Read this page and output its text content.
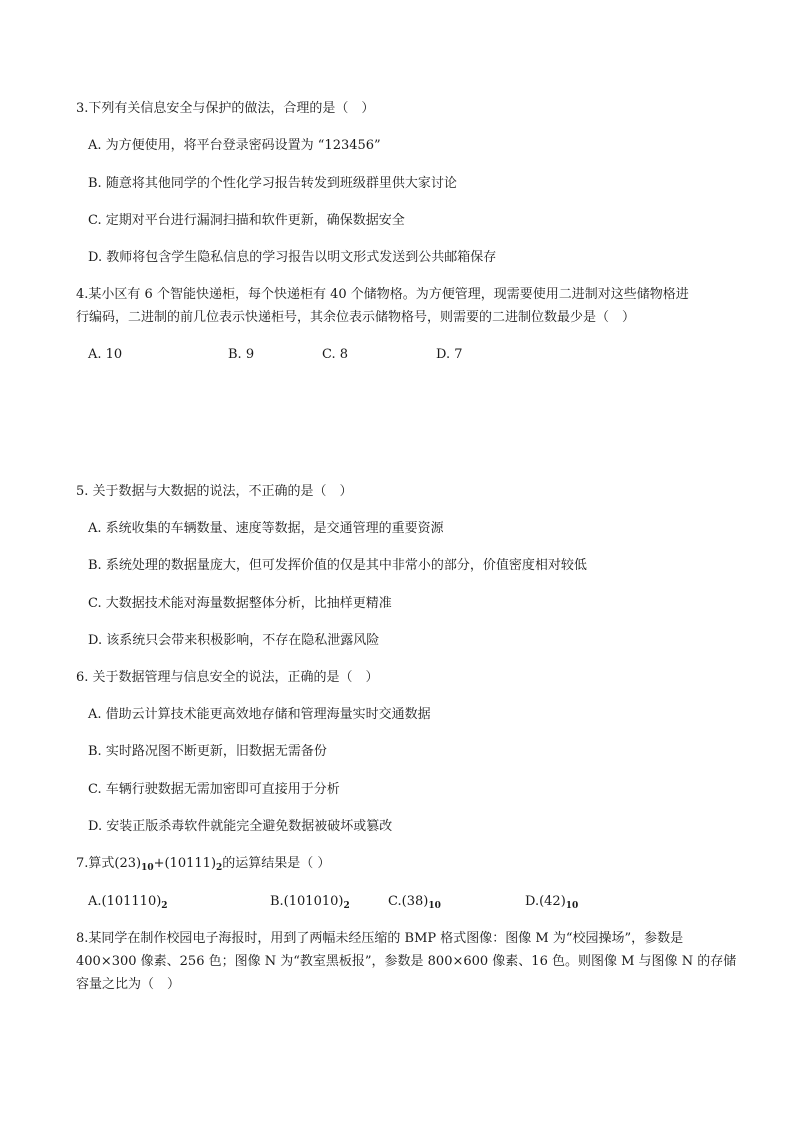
3.下列有关信息安全与保护的做法，合理的是（　）
A. 为方便使用，将平台登录密码设置为 “123456”
B. 随意将其他同学的个性化学习报告转发到班级群里供大家讨论
C. 定期对平台进行漏洞扫描和软件更新，确保数据安全
D. 教师将包含学生隐私信息的学习报告以明文形式发送到公共邮箱保存
4.某小区有 6 个智能快递柜，每个快递柜有 40 个储物格。为方便管理，现需要使用二进制对这些储物格进
行编码，二进制的前几位表示快递柜号，其余位表示储物格号，则需要的二进制位数最少是（　）
A. 10	B. 9	C. 8	D. 7
5. 关于数据与大数据的说法，不正确的是（　）
A. 系统收集的车辆数量、速度等数据，是交通管理的重要资源
B. 系统处理的数据量庞大，但可发挥价值的仅是其中非常小的部分，价值密度相对较低
C. 大数据技术能对海量数据整体分析，比抽样更精准
D. 该系统只会带来积极影响，不存在隐私泄露风险
6. 关于数据管理与信息安全的说法，正确的是（　）
A. 借助云计算技术能更高效地存储和管理海量实时交通数据
B. 实时路况图不断更新，旧数据无需备份
C. 车辆行驶数据无需加密即可直接用于分析
D. 安装正版杀毒软件就能完全避免数据被破坏或篡改
7.算式$(23)_{10}+(10111)_2$的运算结果是（ ）
$A.(101110)_2$	$B.(101010)_2$	$C.(38)_{10}$	$D.(42)_{10}$
8.某同学在制作校园电子海报时，用到了两幅未经压缩的 BMP 格式图像：图像 M 为“校园操场”，参数是
400×300 像素、256 色；图像 N 为“教室黑板报”，参数是 800×600 像素、16 色。则图像 M 与图像 N 的存储
容量之比为（　）
